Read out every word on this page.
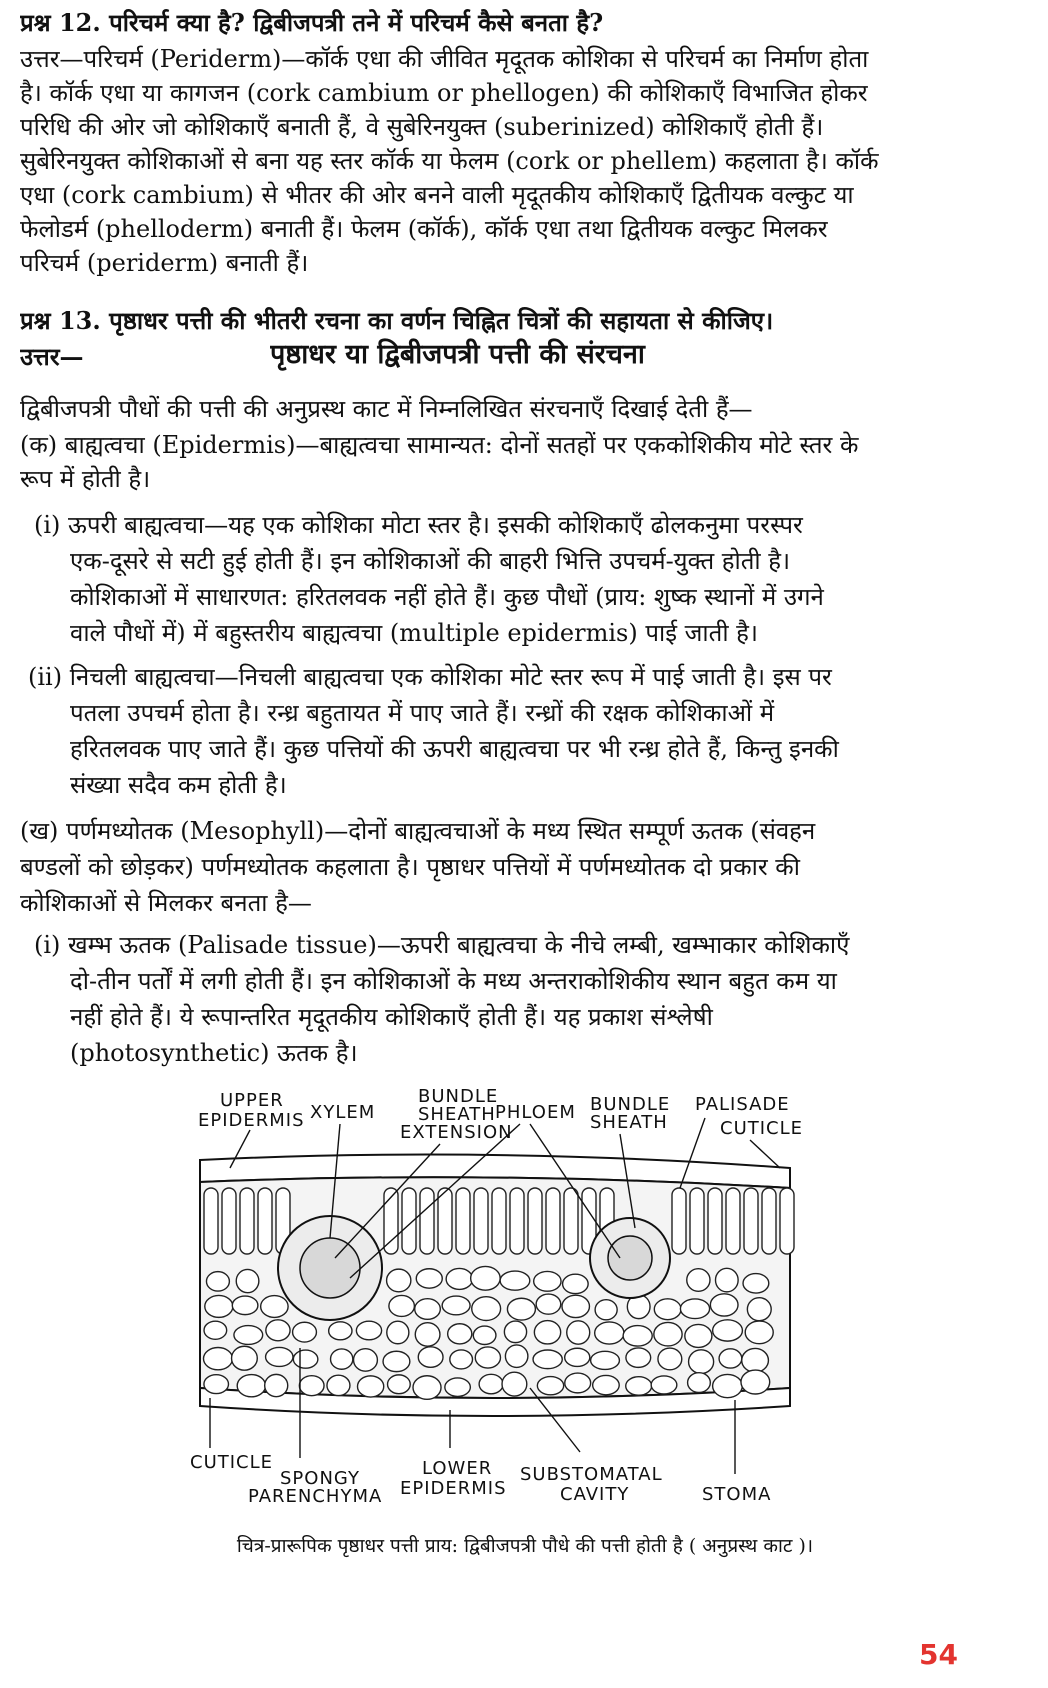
प्रश्न 12. परिचर्म क्या है? द्विबीजपत्री तने में परिचर्म कैसे बनता है?
उत्तर—परिचर्म (Periderm)—कॉर्क एधा की जीवित मृदूतक कोशिका से परिचर्म का निर्माण होता
है। कॉर्क एधा या कागजन (cork cambium or phellogen) की कोशिकाएँ विभाजित होकर
परिधि की ओर जो कोशिकाएँ बनाती हैं, वे सुबेरिनयुक्त (suberinized) कोशिकाएँ होती हैं।
सुबेरिनयुक्त कोशिकाओं से बना यह स्तर कॉर्क या फेलम (cork or phellem) कहलाता है। कॉर्क
एधा (cork cambium) से भीतर की ओर बनने वाली मृदूतकीय कोशिकाएँ द्वितीयक वल्कुट या
फेलोडर्म (phelloderm) बनाती हैं। फेलम (कॉर्क), कॉर्क एधा तथा द्वितीयक वल्कुट मिलकर
परिचर्म (periderm) बनाती हैं।
प्रश्न 13. पृष्ठाधर पत्ती की भीतरी रचना का वर्णन चिह्नित चित्रों की सहायता से कीजिए।
उत्तर—	पृष्ठाधर या द्विबीजपत्री पत्ती की संरचना
द्विबीजपत्री पौधों की पत्ती की अनुप्रस्थ काट में निम्नलिखित संरचनाएँ दिखाई देती हैं—
(क) बाह्यत्वचा (Epidermis)—बाह्यत्वचा सामान्यत: दोनों सतहों पर एककोशिकीय मोटे स्तर के
रूप में होती है।
(i) ऊपरी बाह्यत्वचा—यह एक कोशिका मोटा स्तर है। इसकी कोशिकाएँ ढोलकनुमा परस्पर
एक-दूसरे से सटी हुई होती हैं। इन कोशिकाओं की बाहरी भित्ति उपचर्म-युक्त होती है।
कोशिकाओं में साधारणत: हरितलवक नहीं होते हैं। कुछ पौधों (प्राय: शुष्क स्थानों में उगने
वाले पौधों में) में बहुस्तरीय बाह्यत्वचा (multiple epidermis) पाई जाती है।
(ii) निचली बाह्यत्वचा—निचली बाह्यत्वचा एक कोशिका मोटे स्तर रूप में पाई जाती है। इस पर
पतला उपचर्म होता है। रन्ध्र बहुतायत में पाए जाते हैं। रन्ध्रों की रक्षक कोशिकाओं में
हरितलवक पाए जाते हैं। कुछ पत्तियों की ऊपरी बाह्यत्वचा पर भी रन्ध्र होते हैं, किन्तु इनकी
संख्या सदैव कम होती है।
(ख) पर्णमध्योतक (Mesophyll)—दोनों बाह्यत्वचाओं के मध्य स्थित सम्पूर्ण ऊतक (संवहन
बण्डलों को छोड़कर) पर्णमध्योतक कहलाता है। पृष्ठाधर पत्तियों में पर्णमध्योतक दो प्रकार की
कोशिकाओं से मिलकर बनता है—
(i) खम्भ ऊतक (Palisade tissue)—ऊपरी बाह्यत्वचा के नीचे लम्बी, खम्भाकार कोशिकाएँ
दो-तीन पर्तों में लगी होती हैं। इन कोशिकाओं के मध्य अन्तराकोशिकीय स्थान बहुत कम या
नहीं होते हैं। ये रूपान्तरित मृदूतकीय कोशिकाएँ होती हैं। यह प्रकाश संश्लेषी
(photosynthetic) ऊतक है।
UPPER
EPIDERMIS XYLEM
BUNDLE
SHEATH
EXTENSION
PHLOEM BUNDLE
SHEATH
PALISADE
CUTICLE
CUTICLE
SPONGY
PARENCHYMA
LOWER
EPIDERMIS
SUBSTOMATAL
CAVITY	STOMA
चित्र-प्रारूपिक पृष्ठाधर पत्ती प्राय: द्विबीजपत्री पौधे की पत्ती होती है ( अनुप्रस्थ काट )।
54
